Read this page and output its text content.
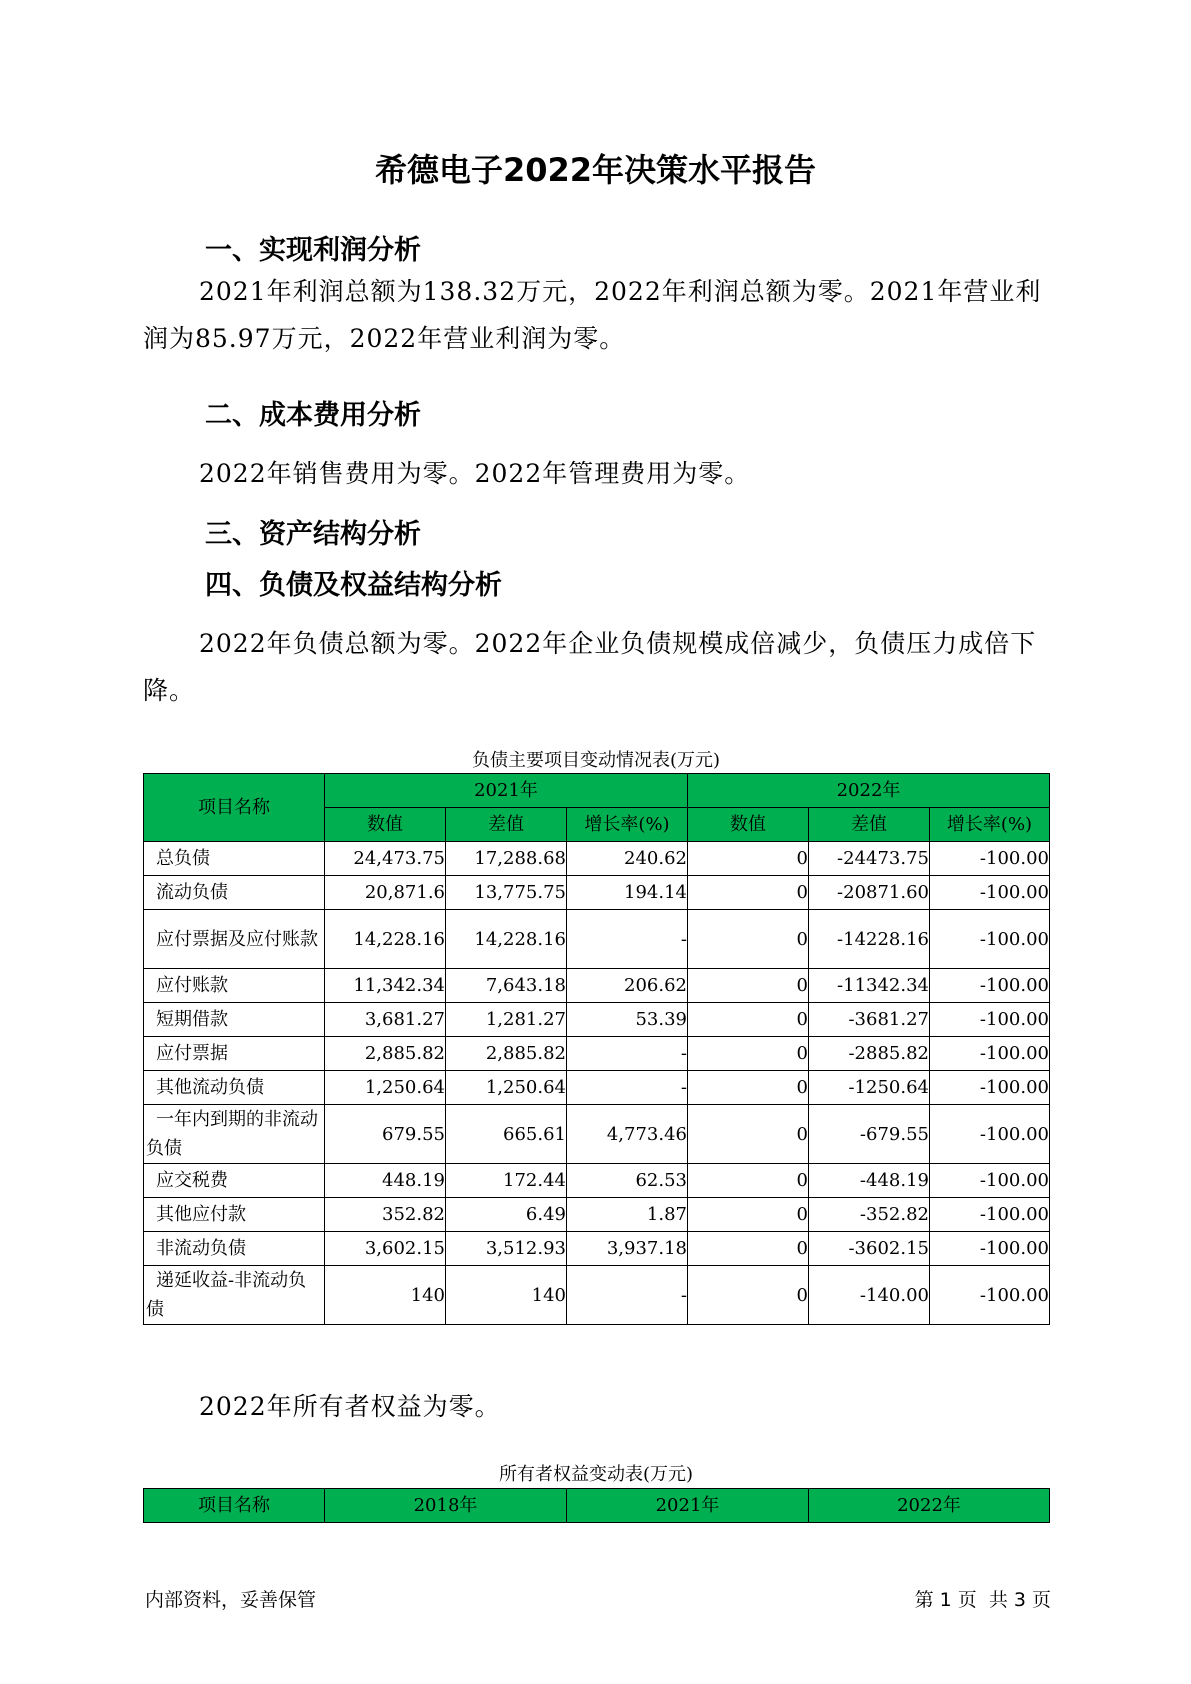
希德电子2022年决策水平报告
一、实现利润分析
2021年利润总额为138.32万元，2022年利润总额为零。2021年营业利润为85.97万元，2022年营业利润为零。
二、成本费用分析
2022年销售费用为零。2022年管理费用为零。
三、资产结构分析
四、负债及权益结构分析
2022年负债总额为零。2022年企业负债规模成倍减少，负债压力成倍下降。
负债主要项目变动情况表(万元)
项目名称	2021年			2022年		
	数值	差值	增长率(%)	数值	差值	增长率(%)
总负债	24,473.75	17,288.68	240.62	0	-24473.75	-100.00
流动负债	20,871.6	13,775.75	194.14	0	-20871.60	-100.00
应付票据及应付账款	14,228.16	14,228.16	-	0	-14228.16	-100.00
应付账款	11,342.34	7,643.18	206.62	0	-11342.34	-100.00
短期借款	3,681.27	1,281.27	53.39	0	-3681.27	-100.00
应付票据	2,885.82	2,885.82	-	0	-2885.82	-100.00
其他流动负债	1,250.64	1,250.64	-	0	-1250.64	-100.00
一年内到期的非流动负债	679.55	665.61	4,773.46	0	-679.55	-100.00
应交税费	448.19	172.44	62.53	0	-448.19	-100.00
其他应付款	352.82	6.49	1.87	0	-352.82	-100.00
非流动负债	3,602.15	3,512.93	3,937.18	0	-3602.15	-100.00
递延收益-非流动负债	140	140	-	0	-140.00	-100.00
2022年所有者权益为零。
所有者权益变动表(万元)
项目名称	2018年	2021年	2022年
内部资料，妥善保管	第 1 页  共 3 页
